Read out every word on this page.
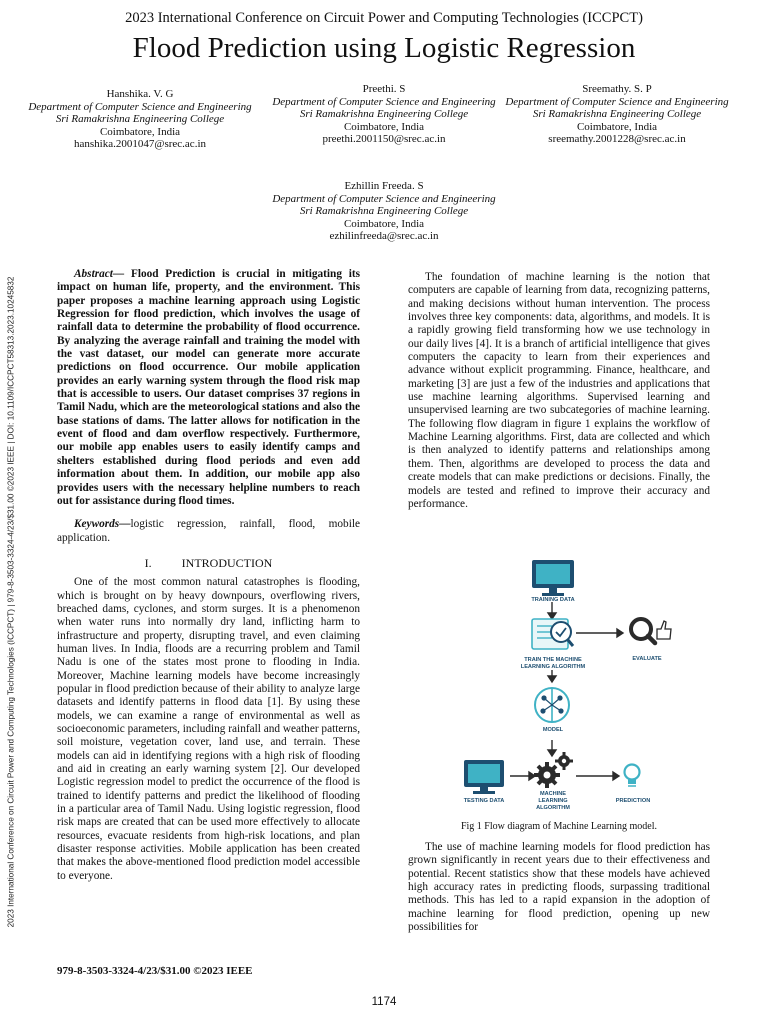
2023 International Conference on Circuit Power and Computing Technologies (ICCPCT)
Flood Prediction using Logistic Regression
Hanshika. V. G
Department of Computer Science and Engineering
Sri Ramakrishna Engineering College
Coimbatore, India
hanshika.2001047@srec.ac.in
Preethi. S
Department of Computer Science and Engineering
Sri Ramakrishna Engineering College
Coimbatore, India
preethi.2001150@srec.ac.in
Sreemathy. S. P
Department of Computer Science and Engineering
Sri Ramakrishna Engineering College
Coimbatore, India
sreemathy.2001228@srec.ac.in
Ezhillin Freeda. S
Department of Computer Science and Engineering
Sri Ramakrishna Engineering College
Coimbatore, India
ezhilinfreeda@srec.ac.in
2023 International Conference on Circuit Power and Computing Technologies (ICCPCT) | 979-8-3503-3324-4/23/$31.00 ©2023 IEEE | DOI: 10.1109/ICCPCT58313.2023.10245832

Abstract— Flood Prediction is crucial in mitigating its impact on human life, property, and the environment. This paper proposes a machine learning approach using Logistic Regression for flood prediction, which involves the usage of rainfall data to determine the probability of flood occurrence. By analyzing the average rainfall and training the model with the vast dataset, our model can generate more accurate predictions on flood occurrence. Our mobile application provides an early warning system through the flood risk map that is accessible to users. Our dataset comprises 37 regions in Tamil Nadu, which are the meteorological stations and also the base stations of dams. The latter allows for notification in the event of flood and dam overflow respectively. Furthermore, our mobile app enables users to easily identify camps and shelters established during flood periods and even add information about them. In addition, our mobile app also provides users with the necessary helpline numbers to reach out for assistance during flood times.

Keywords—logistic regression, rainfall, flood, mobile application.

I.	INTRODUCTION

One of the most common natural catastrophes is flooding, which is brought on by heavy downpours, overflowing rivers, breached dams, cyclones, and storm surges. It is a phenomenon when water runs into normally dry land, inflicting harm to infrastructure and property, disrupting travel, and even claiming human lives. In India, floods are a recurring problem and Tamil Nadu is one of the states most prone to flooding in India. Moreover, Machine learning models have become increasingly popular in flood prediction because of their ability to analyze large datasets and identify patterns in flood data [1]. By using these models, we can examine a range of environmental as well as socioeconomic parameters, including rainfall and weather patterns, soil moisture, vegetation cover, land use, and terrain. These models can aid in identifying regions with a high risk of flooding and aid in creating an early warning system [2]. Our developed Logistic regression model to predict the occurrence of the flood is trained to identify patterns and predict the likelihood of flooding in a particular area of Tamil Nadu. Using logistic regression, flood risk maps are created that can be used more effectively to allocate resources, evacuate residents from high-risk locations, and plan disaster response activities. Mobile application has been created that makes the above-mentioned flood prediction model accessible to everyone.

The foundation of machine learning is the notion that computers are capable of learning from data, recognizing patterns, and making decisions without human intervention. The process involves three key components: data, algorithms, and models. It is a rapidly growing field transforming how we use technology in our daily lives [4]. It is a branch of artificial intelligence that gives computers the capacity to learn from their experiences and advance without explicit programming. Finance, healthcare, and marketing [3] are just a few of the industries and applications that use machine learning algorithms. Supervised learning and unsupervised learning are two subcategories of machine learning. The following flow diagram in figure 1 explains the workflow of Machine Learning algorithms. First, data are collected and which is then analyzed to identify patterns and relationships among them. Then, algorithms are developed to process the data and create models that can make predictions or decisions. Finally, the models are tested and refined to improve their accuracy and performance.

TRAINING DATA
TRAIN THE MACHINE
LEARNING ALGORITHM
MODEL
EVALUATE
TESTING DATA
MACHINE
LEARNING
ALGORITHM
PREDICTION
Fig 1 Flow diagram of Machine Learning model.

The use of machine learning models for flood prediction has grown significantly in recent years due to their effectiveness and potential. Recent statistics show that these models have achieved high accuracy rates in predicting floods, surpassing traditional methods. This has led to a rapid expansion in the adoption of machine learning for flood prediction, opening up new possibilities for

979-8-3503-3324-4/23/$31.00 ©2023 IEEE
1174
